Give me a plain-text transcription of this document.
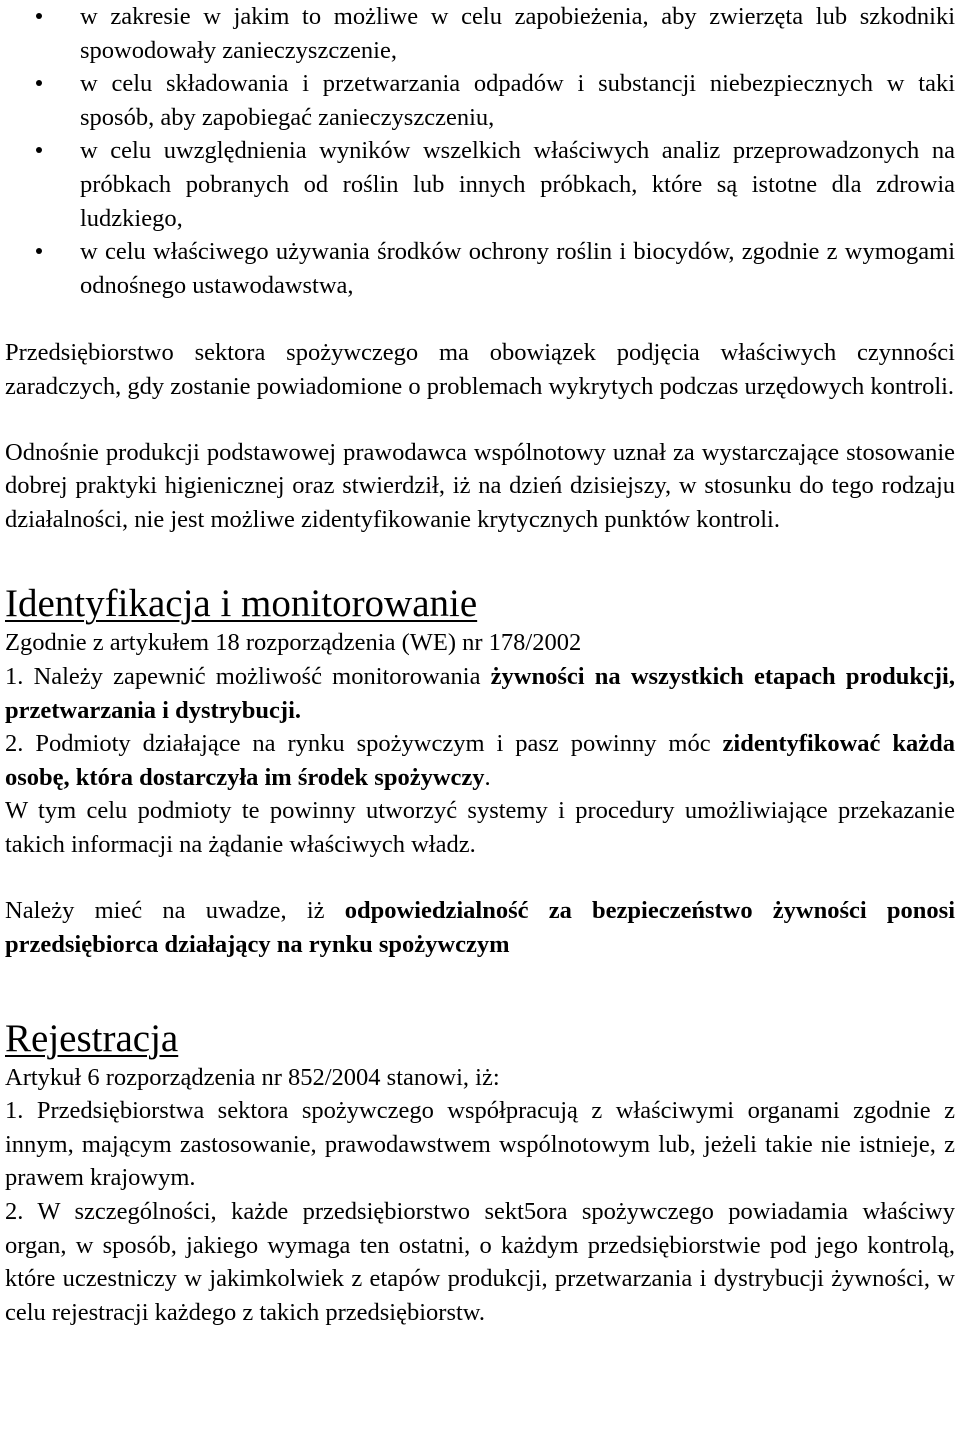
w zakresie w jakim to możliwe w celu zapobieżenia, aby zwierzęta lub szkodniki spowodowały zanieczyszczenie,
w celu składowania i przetwarzania odpadów i substancji niebezpiecznych w taki sposób, aby zapobiegać zanieczyszczeniu,
w celu uwzględnienia wyników wszelkich właściwych analiz przeprowadzonych na próbkach pobranych od roślin lub innych próbkach, które są istotne dla zdrowia ludzkiego,
w celu właściwego używania środków ochrony roślin i biocydów, zgodnie z wymogami odnośnego ustawodawstwa,

Przedsiębiorstwo sektora spożywczego ma obowiązek podjęcia właściwych czynności zaradczych, gdy zostanie powiadomione o problemach wykrytych podczas urzędowych kontroli.

Odnośnie produkcji podstawowej prawodawca wspólnotowy uznał za wystarczające stosowanie dobrej praktyki higienicznej oraz stwierdził, iż na dzień dzisiejszy, w stosunku do tego rodzaju działalności, nie jest możliwe zidentyfikowanie krytycznych punktów kontroli.

Identyfikacja i monitorowanie

Zgodnie z artykułem 18 rozporządzenia (WE) nr 178/2002

1. Należy zapewnić możliwość monitorowania żywności na wszystkich etapach produkcji, przetwarzania i dystrybucji.

2. Podmioty działające na rynku spożywczym i pasz powinny móc zidentyfikować każda osobę, która dostarczyła im środek spożywczy.

W tym celu podmioty te powinny utworzyć systemy i procedury umożliwiające przekazanie takich informacji na żądanie właściwych władz.

Należy mieć na uwadze, iż odpowiedzialność za bezpieczeństwo żywności ponosi przedsiębiorca działający na rynku spożywczym

Rejestracja

Artykuł 6 rozporządzenia nr 852/2004 stanowi, iż:

1. Przedsiębiorstwa sektora spożywczego współpracują z właściwymi organami zgodnie z innym, mającym zastosowanie, prawodawstwem wspólnotowym lub, jeżeli takie nie istnieje, z prawem krajowym.

2. W szczególności, każde przedsiębiorstwo sekt5ora spożywczego powiadamia właściwy organ, w sposób, jakiego wymaga ten ostatni, o każdym przedsiębiorstwie pod jego kontrolą, które uczestniczy w jakimkolwiek z etapów produkcji, przetwarzania i dystrybucji żywności, w celu rejestracji każdego z takich przedsiębiorstw.
